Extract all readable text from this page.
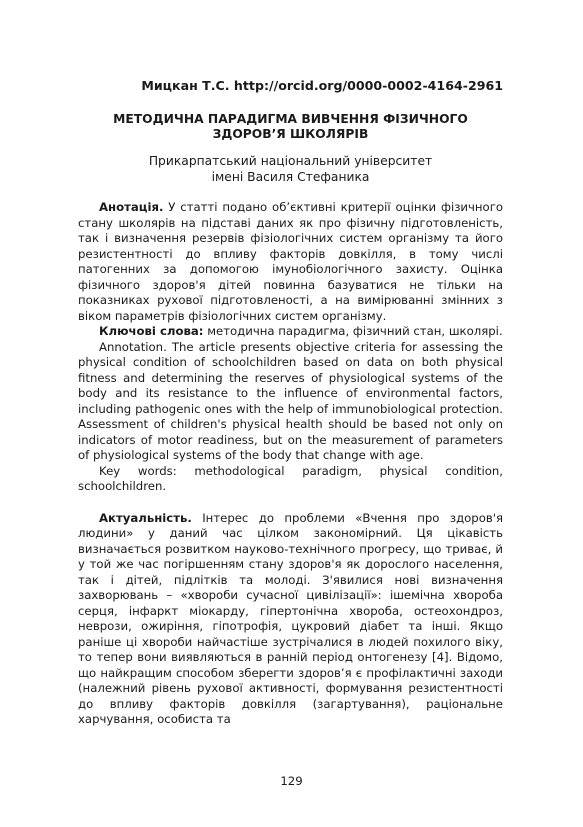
Мицкан Т.С. http://orcid.org/0000-0002-4164-2961
МЕТОДИЧНА ПАРАДИГМА ВИВЧЕННЯ ФІЗИЧНОГО
ЗДОРОВ’Я ШКОЛЯРІВ
Прикарпатський національний університет
імені Василя Стефаника

Анотація. У статті подано об’єктивні критерії оцінки фізичного стану школярів на підставі даних як про фізичну підготовленість, так і визначення резервів фізіологічних систем організму та його резистентності до впливу факторів довкілля, в тому числі патогенних за допомогою імунобіологічного захисту. Оцінка фізичного здоров'я дітей повинна базуватися не тільки на показниках рухової підготовленості, а на вимірюванні змінних з віком параметрів фізіологічних систем організму.

Ключові слова: методична парадигма, фізичний стан, школярі.

Annotation. The article presents objective criteria for assessing the physical condition of schoolchildren based on data on both physical fitness and determining the reserves of physiological systems of the body and its resistance to the influence of environmental factors, including pathogenic ones with the help of immunobiological protection. Assessment of children's physical health should be based not only on indicators of motor readiness, but on the measurement of parameters of physiological systems of the body that change with age.

Key words: methodological paradigm, physical condition, schoolchildren.

Актуальність. Інтерес до проблеми «Вчення про здоров'я людини» у даний час цілком закономірний. Ця цікавість визначається розвитком науково-технічного прогресу, що триває, й у той же час погіршенням стану здоров'я як дорослого населення, так і дітей, підлітків та молоді. З'явилися нові визначення захворювань – «хвороби сучасної цивілізації»: ішемічна хвороба серця, інфаркт міокарду, гіпертонічна хвороба, остеохондроз, неврози, ожиріння, гіпотрофія, цукровий діабет та інші. Якщо раніше ці хвороби найчастіше зустрічалися в людей похилого віку, то тепер вони виявляються в ранній період онтогенезу [4]. Відомо, що найкращим способом зберегти здоров’я є профілактичні заходи (належний рівень рухової активності, формування резистентності до впливу факторів довкілля (загартування), раціональне харчування, особиста та

129
